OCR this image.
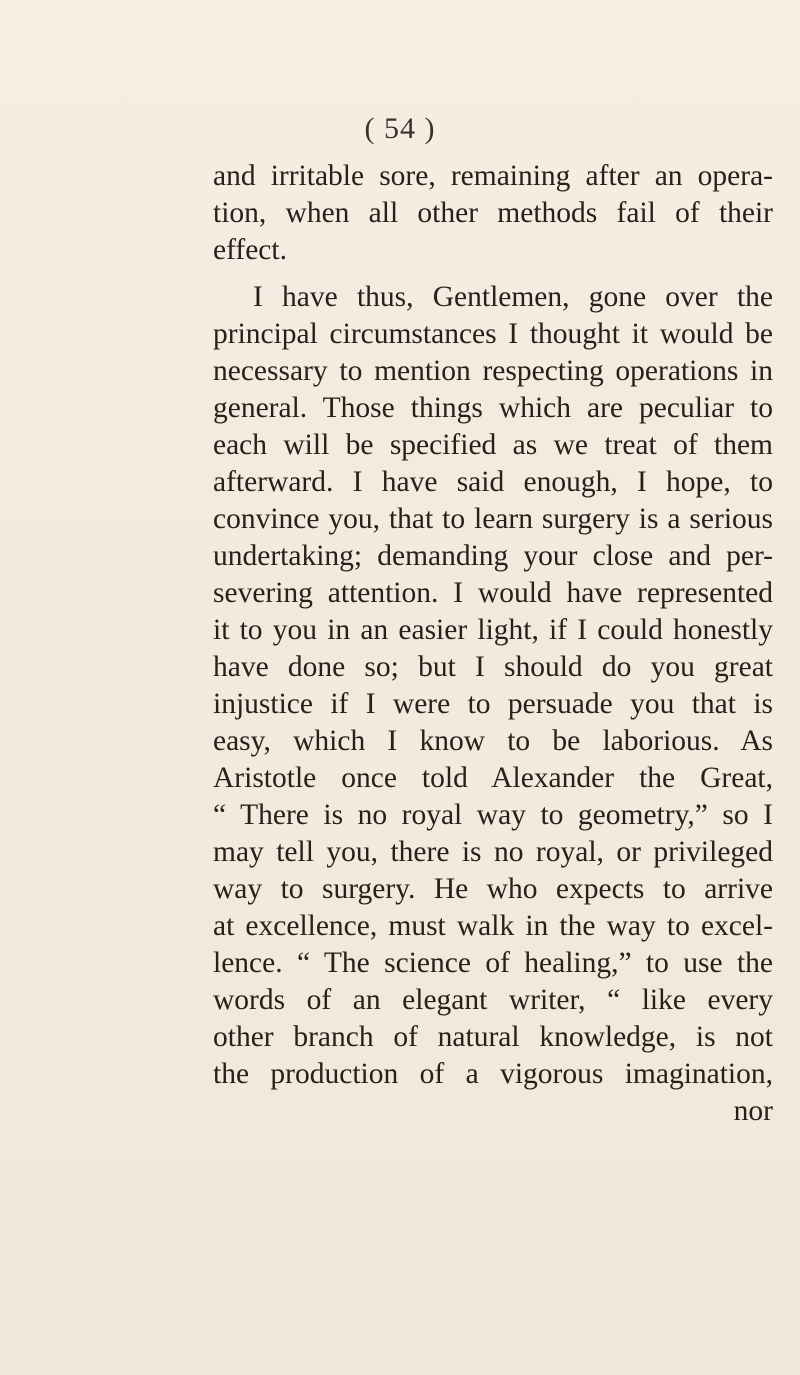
( 54 )
and irritable sore, remaining after an opera-
tion, when all other methods fail of their
effect.
I have thus, Gentlemen, gone over the
principal circumstances I thought it would be
necessary to mention respecting operations in
general. Those things which are peculiar to
each will be specified as we treat of them
afterward. I have said enough, I hope, to
convince you, that to learn surgery is a serious
undertaking; demanding your close and per-
severing attention. I would have represented
it to you in an easier light, if I could honestly
have done so; but I should do you great
injustice if I were to persuade you that is
easy, which I know to be laborious. As
Aristotle once told Alexander the Great,
“ There is no royal way to geometry,” so I
may tell you, there is no royal, or privileged
way to surgery. He who expects to arrive
at excellence, must walk in the way to excel-
lence. “ The science of healing,” to use the
words of an elegant writer, “ like every
other branch of natural knowledge, is not
the production of a vigorous imagination,
nor
